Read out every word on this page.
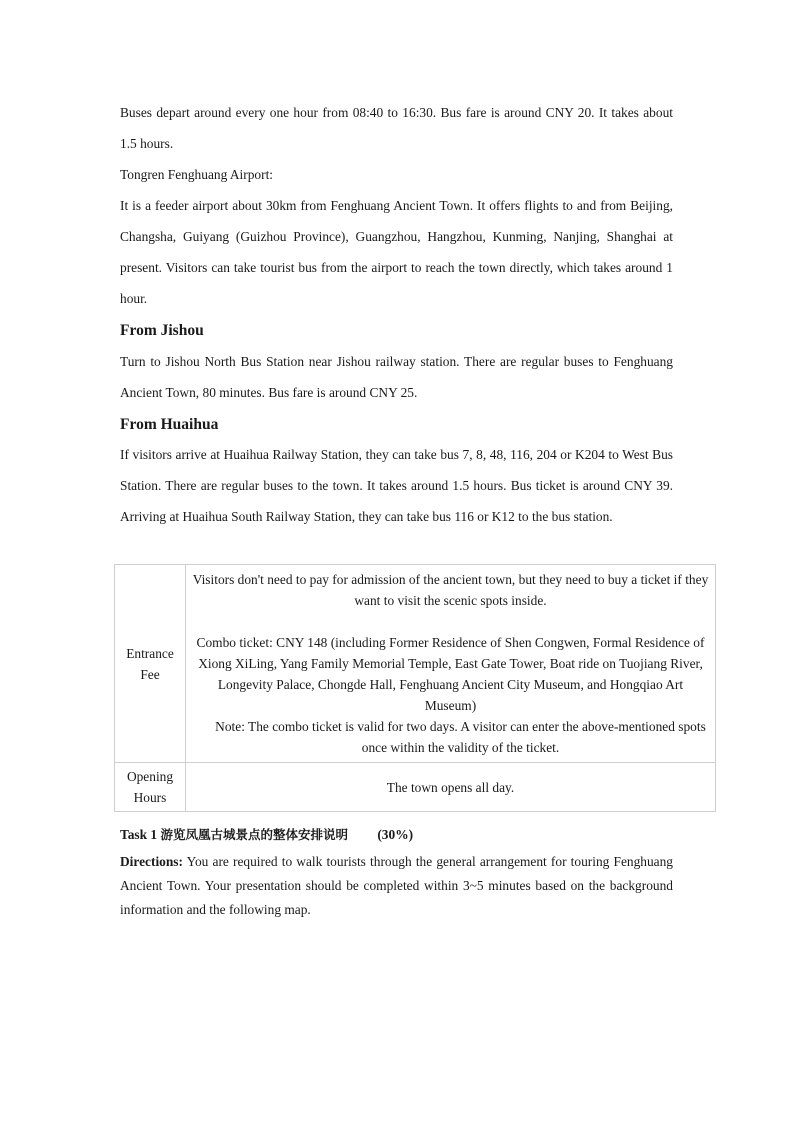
Buses depart around every one hour from 08:40 to 16:30. Bus fare is around CNY 20. It takes about 1.5 hours.

Tongren Fenghuang Airport:

It is a feeder airport about 30km from Fenghuang Ancient Town. It offers flights to and from Beijing, Changsha, Guiyang (Guizhou Province), Guangzhou, Hangzhou, Kunming, Nanjing, Shanghai at present. Visitors can take tourist bus from the airport to reach the town directly, which takes around 1 hour.

From Jishou

Turn to Jishou North Bus Station near Jishou railway station. There are regular buses to Fenghuang Ancient Town, 80 minutes. Bus fare is around CNY 25.

From Huaihua

If visitors arrive at Huaihua Railway Station, they can take bus 7, 8, 48, 116, 204 or K204 to West Bus Station. There are regular buses to the town. It takes around 1.5 hours. Bus ticket is around CNY 39. Arriving at Huaihua South Railway Station, they can take bus 116 or K12 to the bus station.

Entrance Fee	Visitors don't need to pay for admission of the ancient town, but they need to buy a ticket if they want to visit the scenic spots inside.
Combo ticket: CNY 148 (including Former Residence of Shen Congwen, Formal Residence of Xiong XiLing, Yang Family Memorial Temple, East Gate Tower, Boat ride on Tuojiang River, Longevity Palace, Chongde Hall, Fenghuang Ancient City Museum, and Hongqiao Art Museum)
Note: The combo ticket is valid for two days. A visitor can enter the above-mentioned spots once within the validity of the ticket.

Opening Hours	The town opens all day.

Task 1 游览凤凰古城景点的整体安排说明 (30%)

Directions: You are required to walk tourists through the general arrangement for touring Fenghuang Ancient Town. Your presentation should be completed within 3~5 minutes based on the background information and the following map.
